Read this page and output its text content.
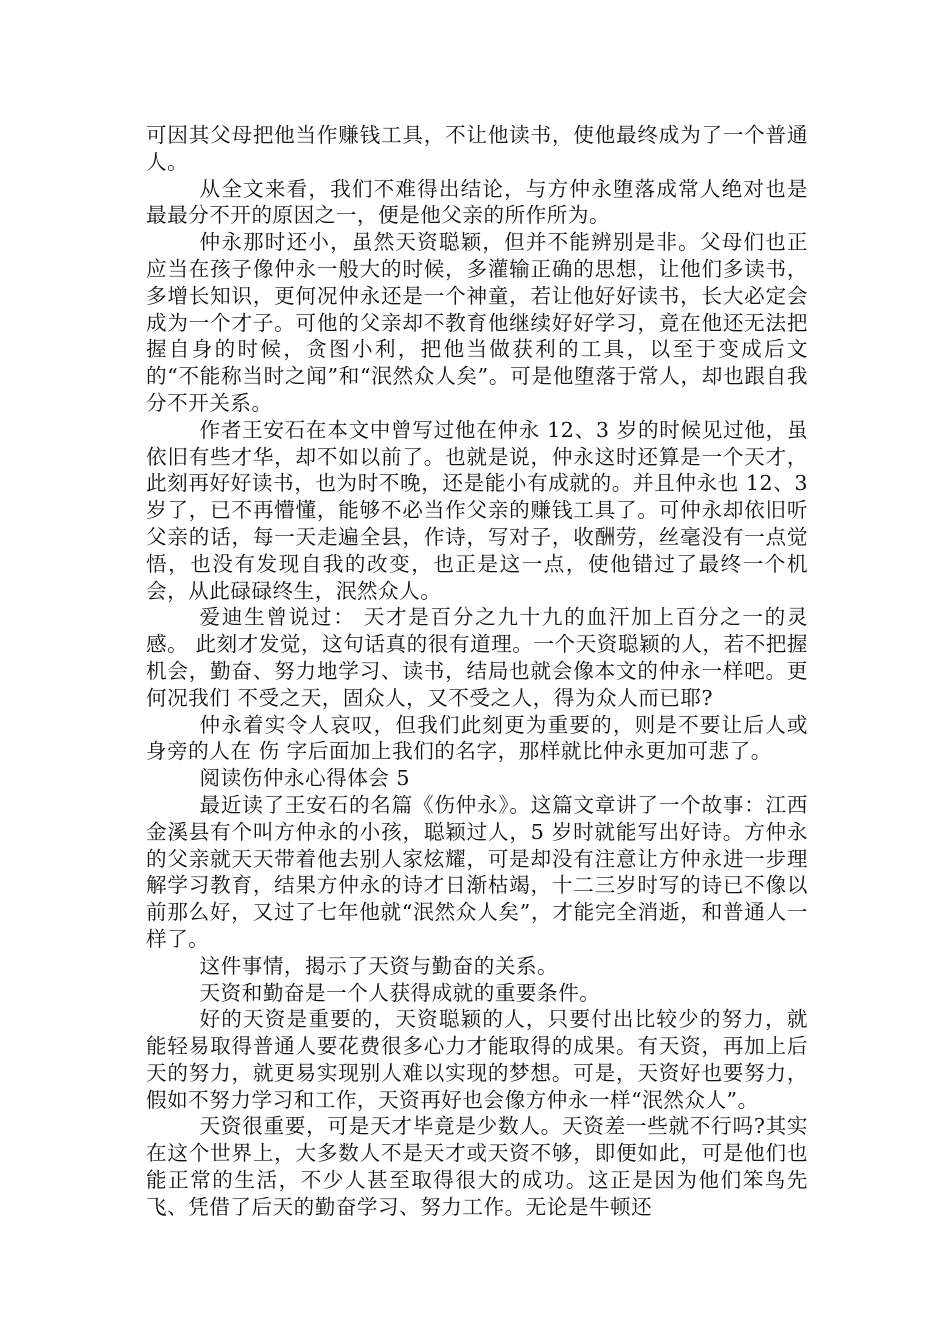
可因其父母把他当作赚钱工具，不让他读书，使他最终成为了一个普通人。

从全文来看，我们不难得出结论，与方仲永堕落成常人绝对也是最最分不开的原因之一，便是他父亲的所作所为。

仲永那时还小，虽然天资聪颖，但并不能辨别是非。父母们也正应当在孩子像仲永一般大的时候，多灌输正确的思想，让他们多读书，多增长知识，更何况仲永还是一个神童，若让他好好读书，长大必定会成为一个才子。可他的父亲却不教育他继续好好学习，竟在他还无法把握自身的时候，贪图小利，把他当做获利的工具，以至于变成后文的“不能称当时之闻”和“泯然众人矣”。可是他堕落于常人，却也跟自我分不开关系。

作者王安石在本文中曾写过他在仲永 12、3 岁的时候见过他，虽依旧有些才华，却不如以前了。也就是说，仲永这时还算是一个天才，此刻再好好读书，也为时不晚，还是能小有成就的。并且仲永也 12、3 岁了，已不再懵懂，能够不必当作父亲的赚钱工具了。可仲永却依旧听父亲的话，每一天走遍全县，作诗，写对子，收酬劳，丝毫没有一点觉悟，也没有发现自我的改变，也正是这一点，使他错过了最终一个机会，从此碌碌终生，泯然众人。

爱迪生曾说过： 天才是百分之九十九的血汗加上百分之一的灵感。 此刻才发觉，这句话真的很有道理。一个天资聪颖的人，若不把握机会，勤奋、努力地学习、读书，结局也就会像本文的仲永一样吧。更何况我们 不受之天，固众人，又不受之人，得为众人而已耶?

仲永着实令人哀叹，但我们此刻更为重要的，则是不要让后人或身旁的人在 伤 字后面加上我们的名字，那样就比仲永更加可悲了。

阅读伤仲永心得体会 5

最近读了王安石的名篇《伤仲永》。这篇文章讲了一个故事：江西金溪县有个叫方仲永的小孩，聪颖过人，5 岁时就能写出好诗。方仲永的父亲就天天带着他去别人家炫耀，可是却没有注意让方仲永进一步理解学习教育，结果方仲永的诗才日渐枯竭，十二三岁时写的诗已不像以前那么好，又过了七年他就“泯然众人矣”，才能完全消逝，和普通人一样了。

这件事情，揭示了天资与勤奋的关系。

天资和勤奋是一个人获得成就的重要条件。

好的天资是重要的，天资聪颖的人，只要付出比较少的努力，就能轻易取得普通人要花费很多心力才能取得的成果。有天资，再加上后天的努力，就更易实现别人难以实现的梦想。可是，天资好也要努力，假如不努力学习和工作，天资再好也会像方仲永一样“泯然众人”。

天资很重要，可是天才毕竟是少数人。天资差一些就不行吗?其实在这个世界上，大多数人不是天才或天资不够，即便如此，可是他们也能正常的生活，不少人甚至取得很大的成功。这正是因为他们笨鸟先飞、凭借了后天的勤奋学习、努力工作。无论是牛顿还
